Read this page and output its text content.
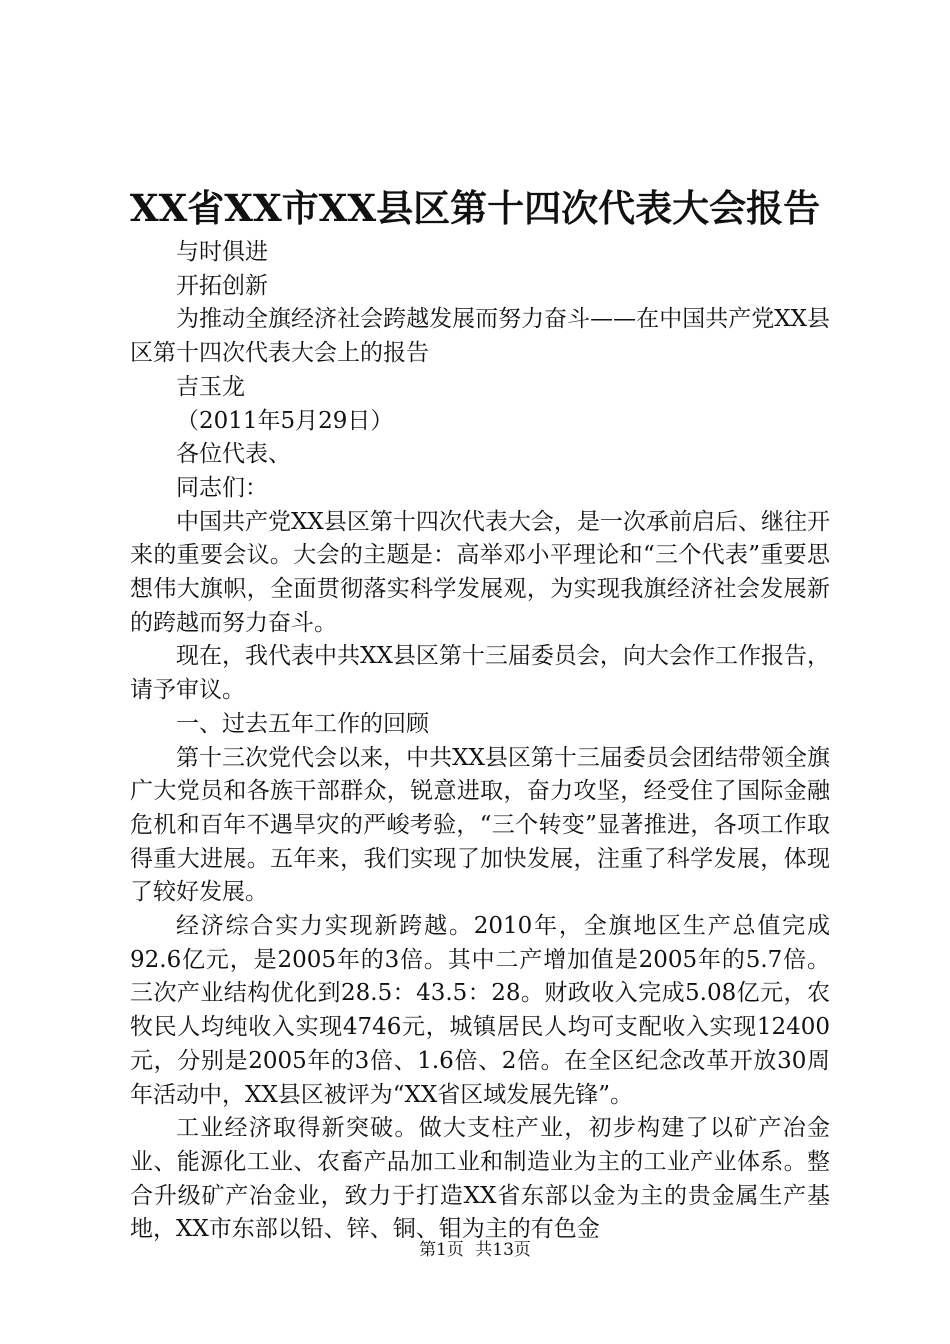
XX省XX市XX县区第十四次代表大会报告

与时俱进

开拓创新

为推动全旗经济社会跨越发展而努力奋斗——在中国共产党XX县区第十四次代表大会上的报告

吉玉龙

（2011年5月29日）

各位代表、

同志们：

中国共产党XX县区第十四次代表大会，是一次承前启后、继往开来的重要会议。大会的主题是：高举邓小平理论和“三个代表”重要思想伟大旗帜，全面贯彻落实科学发展观，为实现我旗经济社会发展新的跨越而努力奋斗。

现在，我代表中共XX县区第十三届委员会，向大会作工作报告，请予审议。

一、过去五年工作的回顾

第十三次党代会以来，中共XX县区第十三届委员会团结带领全旗广大党员和各族干部群众，锐意进取，奋力攻坚，经受住了国际金融危机和百年不遇旱灾的严峻考验，“三个转变”显著推进，各项工作取得重大进展。五年来，我们实现了加快发展，注重了科学发展，体现了较好发展。

经济综合实力实现新跨越。2010年，全旗地区生产总值完成92.6亿元，是2005年的3倍。其中二产增加值是2005年的5.7倍。三次产业结构优化到28.5：43.5：28。财政收入完成5.08亿元，农牧民人均纯收入实现4746元，城镇居民人均可支配收入实现12400元，分别是2005年的3倍、1.6倍、2倍。在全区纪念改革开放30周年活动中，XX县区被评为“XX省区域发展先锋”。

工业经济取得新突破。做大支柱产业，初步构建了以矿产冶金业、能源化工业、农畜产品加工业和制造业为主的工业产业体系。整合升级矿产冶金业，致力于打造XX省东部以金为主的贵金属生产基地，XX市东部以铅、锌、铜、钼为主的有色金

第1页 共13页
